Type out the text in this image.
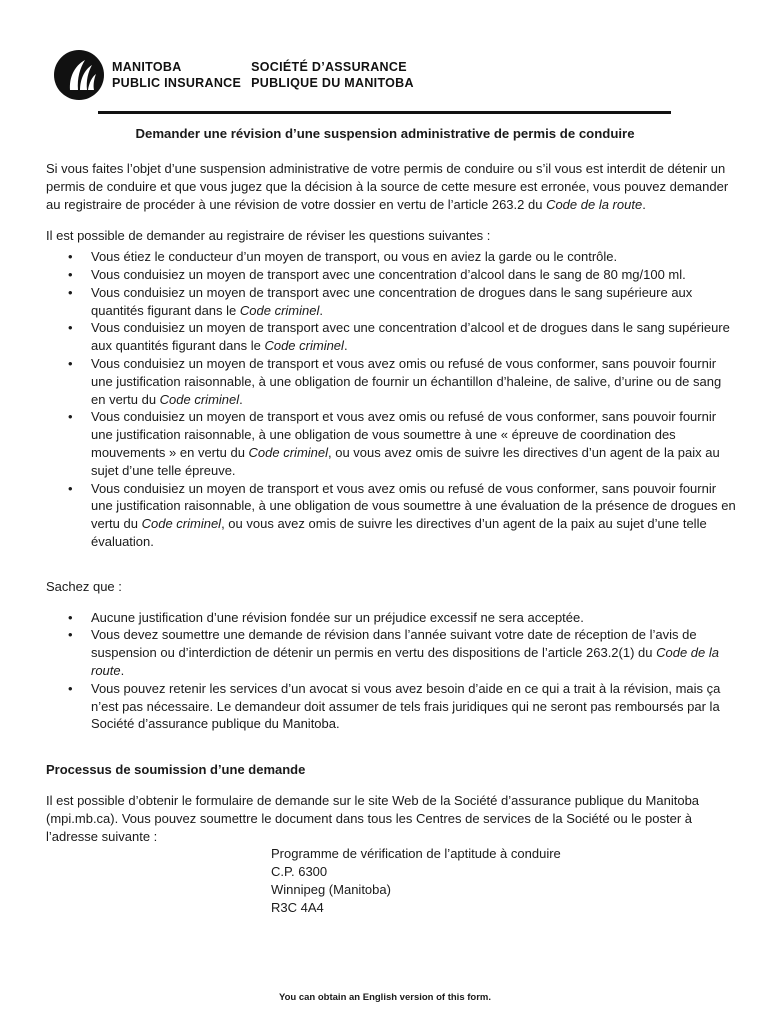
MANITOBA
PUBLIC INSURANCE
SOCIÉTÉ D’ASSURANCE
PUBLIQUE DU MANITOBA
Demander une révision d’une suspension administrative de permis de conduire

Si vous faites l’objet d’une suspension administrative de votre permis de conduire ou s’il vous est interdit de détenir un permis de conduire et que vous jugez que la décision à la source de cette mesure est erronée, vous pouvez demander au registraire de procéder à une révision de votre dossier en vertu de l’article 263.2 du Code de la route.

Il est possible de demander au registraire de réviser les questions suivantes :

• Vous étiez le conducteur d’un moyen de transport, ou vous en aviez la garde ou le contrôle.
• Vous conduisiez un moyen de transport avec une concentration d’alcool dans le sang de 80 mg/100 ml.
• Vous conduisiez un moyen de transport avec une concentration de drogues dans le sang supérieure aux quantités figurant dans le Code criminel.
• Vous conduisiez un moyen de transport avec une concentration d’alcool et de drogues dans le sang supérieure aux quantités figurant dans le Code criminel.
• Vous conduisiez un moyen de transport et vous avez omis ou refusé de vous conformer, sans pouvoir fournir une justification raisonnable, à une obligation de fournir un échantillon d’haleine, de salive, d’urine ou de sang en vertu du Code criminel.
• Vous conduisiez un moyen de transport et vous avez omis ou refusé de vous conformer, sans pouvoir fournir une justification raisonnable, à une obligation de vous soumettre à une « épreuve de coordination des mouvements » en vertu du Code criminel, ou vous avez omis de suivre les directives d’un agent de la paix au sujet d’une telle épreuve.
• Vous conduisiez un moyen de transport et vous avez omis ou refusé de vous conformer, sans pouvoir fournir une justification raisonnable, à une obligation de vous soumettre à une évaluation de la présence de drogues en vertu du Code criminel, ou vous avez omis de suivre les directives d’un agent de la paix au sujet d’une telle évaluation.

Sachez que :

• Aucune justification d’une révision fondée sur un préjudice excessif ne sera acceptée.
• Vous devez soumettre une demande de révision dans l’année suivant votre date de réception de l’avis de suspension ou d’interdiction de détenir un permis en vertu des dispositions de l’article 263.2(1) du Code de la route.
• Vous pouvez retenir les services d’un avocat si vous avez besoin d’aide en ce qui a trait à la révision, mais ça n’est pas nécessaire. Le demandeur doit assumer de tels frais juridiques qui ne seront pas remboursés par la Société d’assurance publique du Manitoba.

Processus de soumission d’une demande

Il est possible d’obtenir le formulaire de demande sur le site Web de la Société d’assurance publique du Manitoba (mpi.mb.ca). Vous pouvez soumettre le document dans tous les Centres de services de la Société ou le poster à l’adresse suivante :

Programme de vérification de l’aptitude à conduire
C.P. 6300
Winnipeg (Manitoba)
R3C 4A4
You can obtain an English version of this form.
